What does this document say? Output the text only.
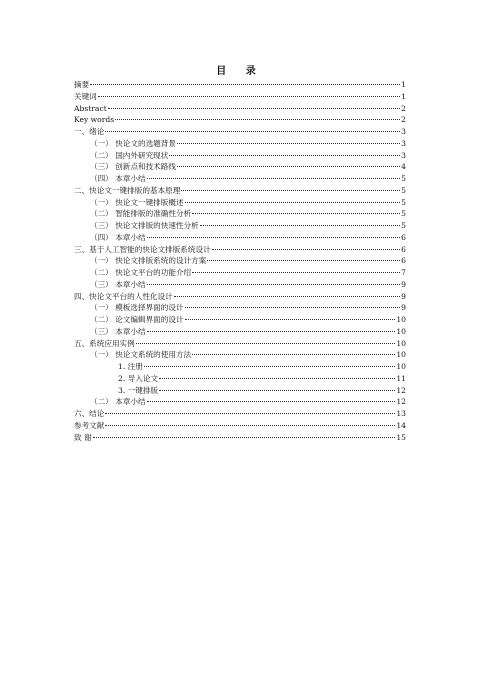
目 录
摘要	1
关键词	1
Abstract	2
Key words	2
一、绪论	3
（一） 快论文的选题背景	3
（二） 国内外研究现状	3
（三） 创新点和技术路线	4
（四） 本章小结	5
二、快论文一键排版的基本原理	5
（一） 快论文一键排版概述	5
（二） 智能排版的准确性分析	5
（三） 快论文排版的快速性分析	5
（四） 本章小结	6
三、基于人工智能的快论文排版系统设计	6
（一） 快论文排版系统的设计方案	6
（二） 快论文平台的功能介绍	7
（三） 本章小结	9
四、快论文平台的人性化设计	9
（一） 模板选择界面的设计	9
（二） 论文编辑界面的设计	10
（三） 本章小结	10
五、系统应用实例	10
（一） 快论文系统的使用方法	10
1. 注册	10
2. 导入论文	11
3. 一键排版	12
（二） 本章小结	12
六、结论	13
参考文献	14
致 谢	15
